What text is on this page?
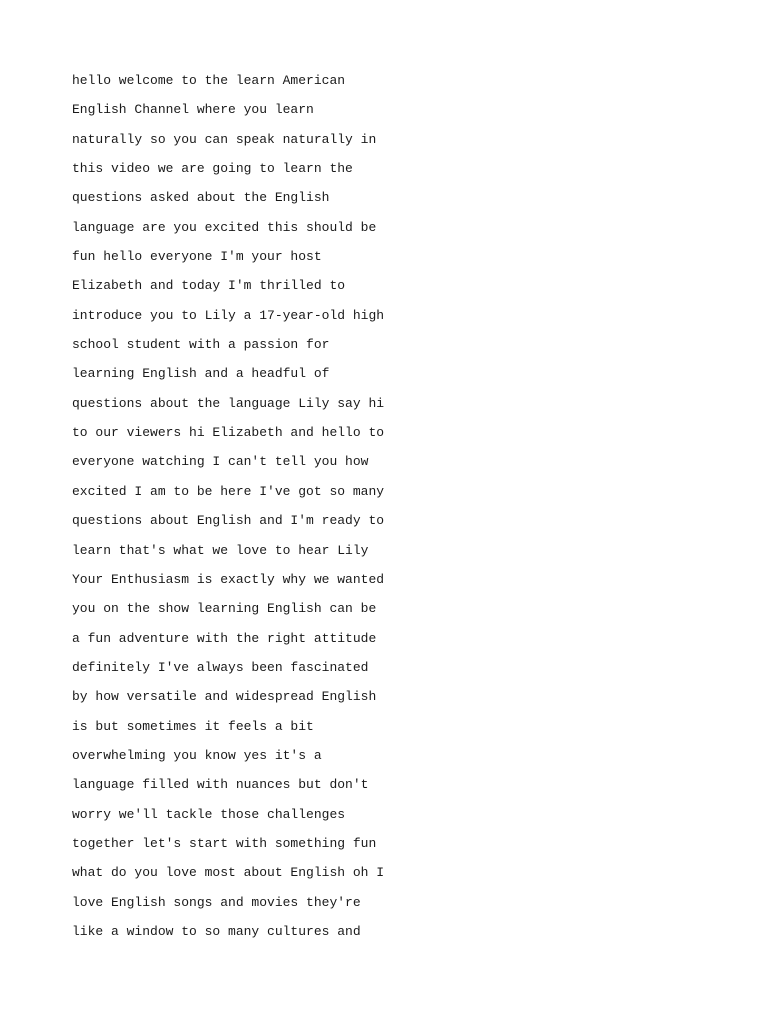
hello welcome to the learn American
English Channel where you learn
naturally so you can speak naturally in
this video we are going to learn the
questions asked about the English
language are you excited this should be
fun hello everyone I'm your host
Elizabeth and today I'm thrilled to
introduce you to Lily a 17-year-old high
school student with a passion for
learning English and a headful of
questions about the language Lily say hi
to our viewers hi Elizabeth and hello to
everyone watching I can't tell you how
excited I am to be here I've got so many
questions about English and I'm ready to
learn that's what we love to hear Lily
Your Enthusiasm is exactly why we wanted
you on the show learning English can be
a fun adventure with the right attitude
definitely I've always been fascinated
by how versatile and widespread English
is but sometimes it feels a bit
overwhelming you know yes it's a
language filled with nuances but don't
worry we'll tackle those challenges
together let's start with something fun
what do you love most about English oh I
love English songs and movies they're
like a window to so many cultures and
